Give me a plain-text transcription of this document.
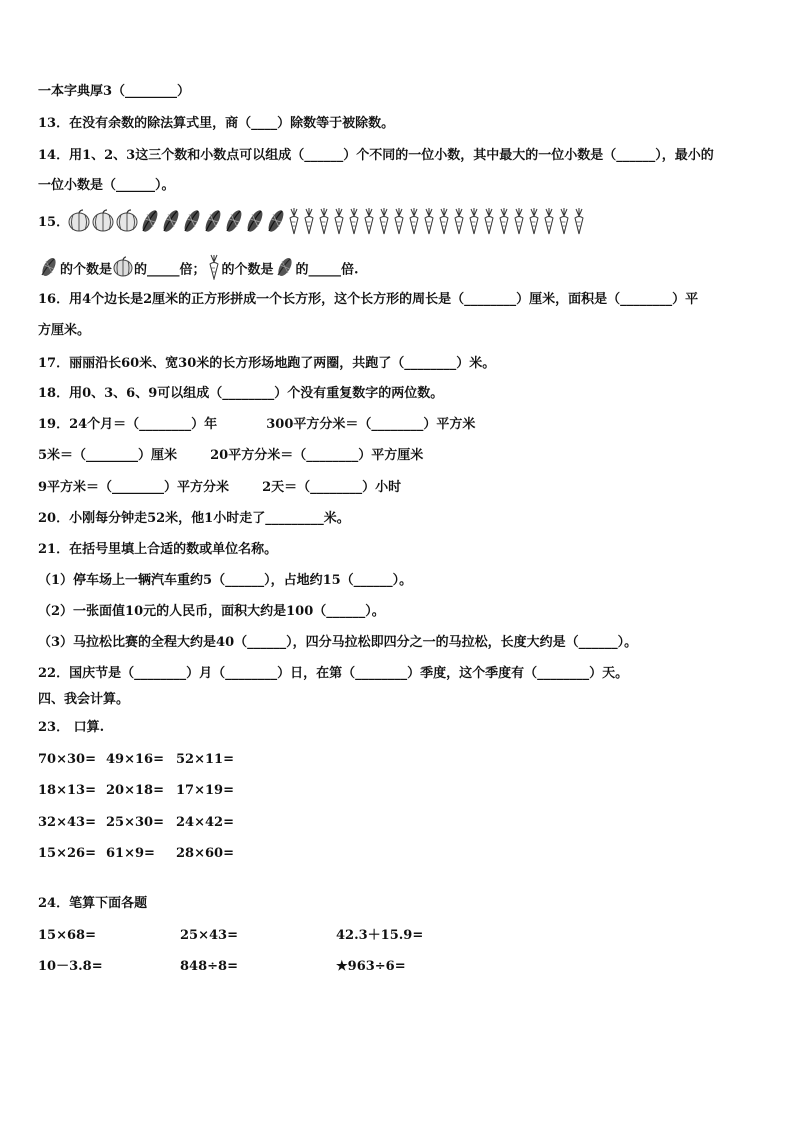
一本字典厚3（________）
13．在没有余数的除法算式里，商（____）除数等于被除数。
14．用1、2、3这三个数和小数点可以组成（______）个不同的一位小数，其中最大的一位小数是（______），最小的
一位小数是（______）。
15．
的个数是 的_____倍； 的个数是 的_____倍.
16．用4个边长是2厘米的正方形拼成一个长方形，这个长方形的周长是（________）厘米，面积是（________）平
方厘米。
17．丽丽沿长60米、宽30米的长方形场地跑了两圈，共跑了（________）米。
18．用0、3、6、9可以组成（________）个没有重复数字的两位数。
19．24个月＝（________）年	300平方分米＝（________）平方米
5米＝（________）厘米	20平方分米＝（________）平方厘米
9平方米＝（________）平方分米	2天＝（________）小时
20．小刚每分钟走52米，他1小时走了_________米。
21．在括号里填上合适的数或单位名称。
（1）停车场上一辆汽车重约5（______），占地约15（______）。
（2）一张面值10元的人民币，面积大约是100（______）。
（3）马拉松比赛的全程大约是40（______），四分马拉松即四分之一的马拉松，长度大约是（______）。
22．国庆节是（________）月（________）日，在第（________）季度，这个季度有（________）天。
四、我会计算。
23． 口算.
70×30= 49×16= 52×11=
18×13= 20×18= 17×19=
32×43= 25×30= 24×42=
15×26= 61×9= 28×60=
24．笔算下面各题
15×68=	25×43=	42.3＋15.9=
10－3.8=	848÷8=	★963÷6=
